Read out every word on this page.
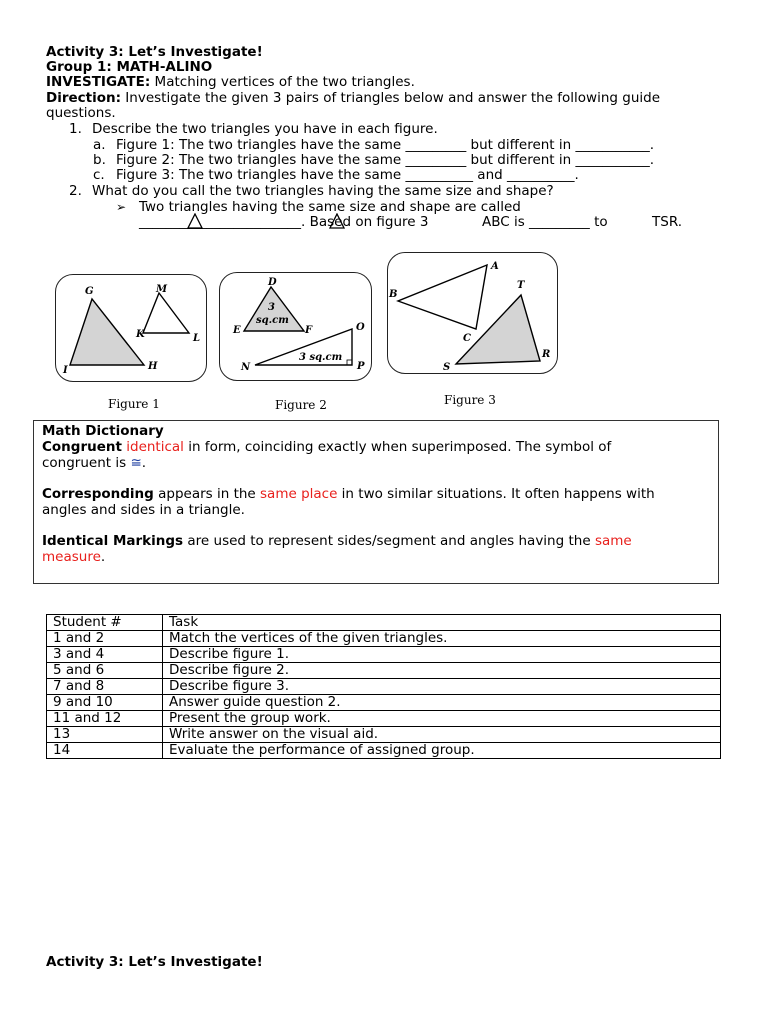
Activity 3: Let’s Investigate!
Group 1: MATH-ALINO
INVESTIGATE: Matching vertices of the two triangles.
Direction: Investigate the given 3 pairs of triangles below and answer the following guide
questions.
1. Describe the two triangles you have in each figure.
a. Figure 1: The two triangles have the same _________ but different in ___________.
b. Figure 2: The two triangles have the same _________ but different in ___________.
c. Figure 3: The two triangles have the same __________ and __________.
2. What do you call the two triangles having the same size and shape?
➢ Two triangles having the same size and shape are called
________________________. Based on figure 3	ABC is _________ to	TSR.
G	M
K	L
I	H
Figure 1
3
sq.cm
3 sq.cm
D
E	F	O
N	P
Figure 2
A
B
C
T
S
R
Figure 3
Math Dictionary
Congruent identical in form, coinciding exactly when superimposed. The symbol of
congruent is ≅.
Corresponding appears in the same place in two similar situations. It often happens with
angles and sides in a triangle.
Identical Markings are used to represent sides/segment and angles having the same
measure.
Student #	Task
1 and 2	Match the vertices of the given triangles.
3 and 4	Describe figure 1.
5 and 6	Describe figure 2.
7 and 8	Describe figure 3.
9 and 10	Answer guide question 2.
11 and 12	Present the group work.
13	Write answer on the visual aid.
14	Evaluate the performance of assigned group.
Activity 3: Let’s Investigate!
